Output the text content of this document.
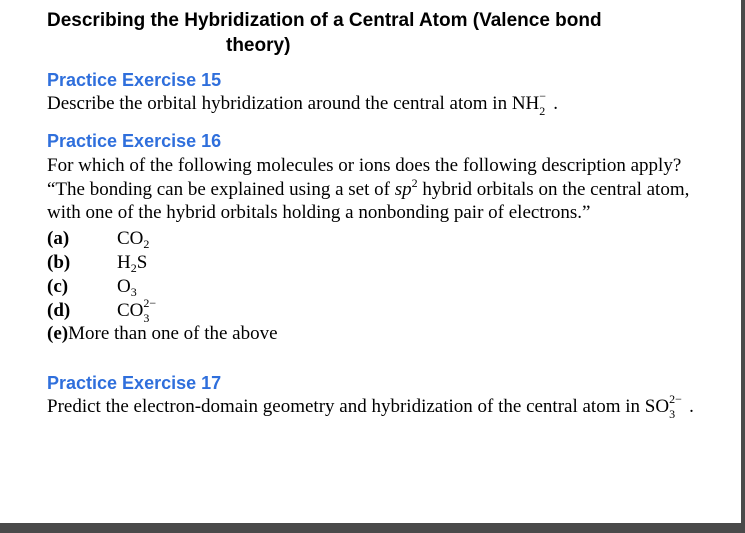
Describing the Hybridization of a Central Atom (Valence bond
theory)
Practice Exercise 15
Describe the orbital hybridization around the central atom in NH 2
− .
Practice Exercise 16
For which of the following molecules or ions does the following description apply?
“The bonding can be explained using a set of $sp^2$ hybrid orbitals on the central atom,
with one of the hybrid orbitals holding a nonbonding pair of electrons.”
(a)	$CO_2$
(b) $H_2S$
(c)	$O_3$
(d) CO 3
2−
(e)More than one of the above
Practice Exercise 17
Predict the electron-domain geometry and hybridization of the central atom in SO 3
2− .
